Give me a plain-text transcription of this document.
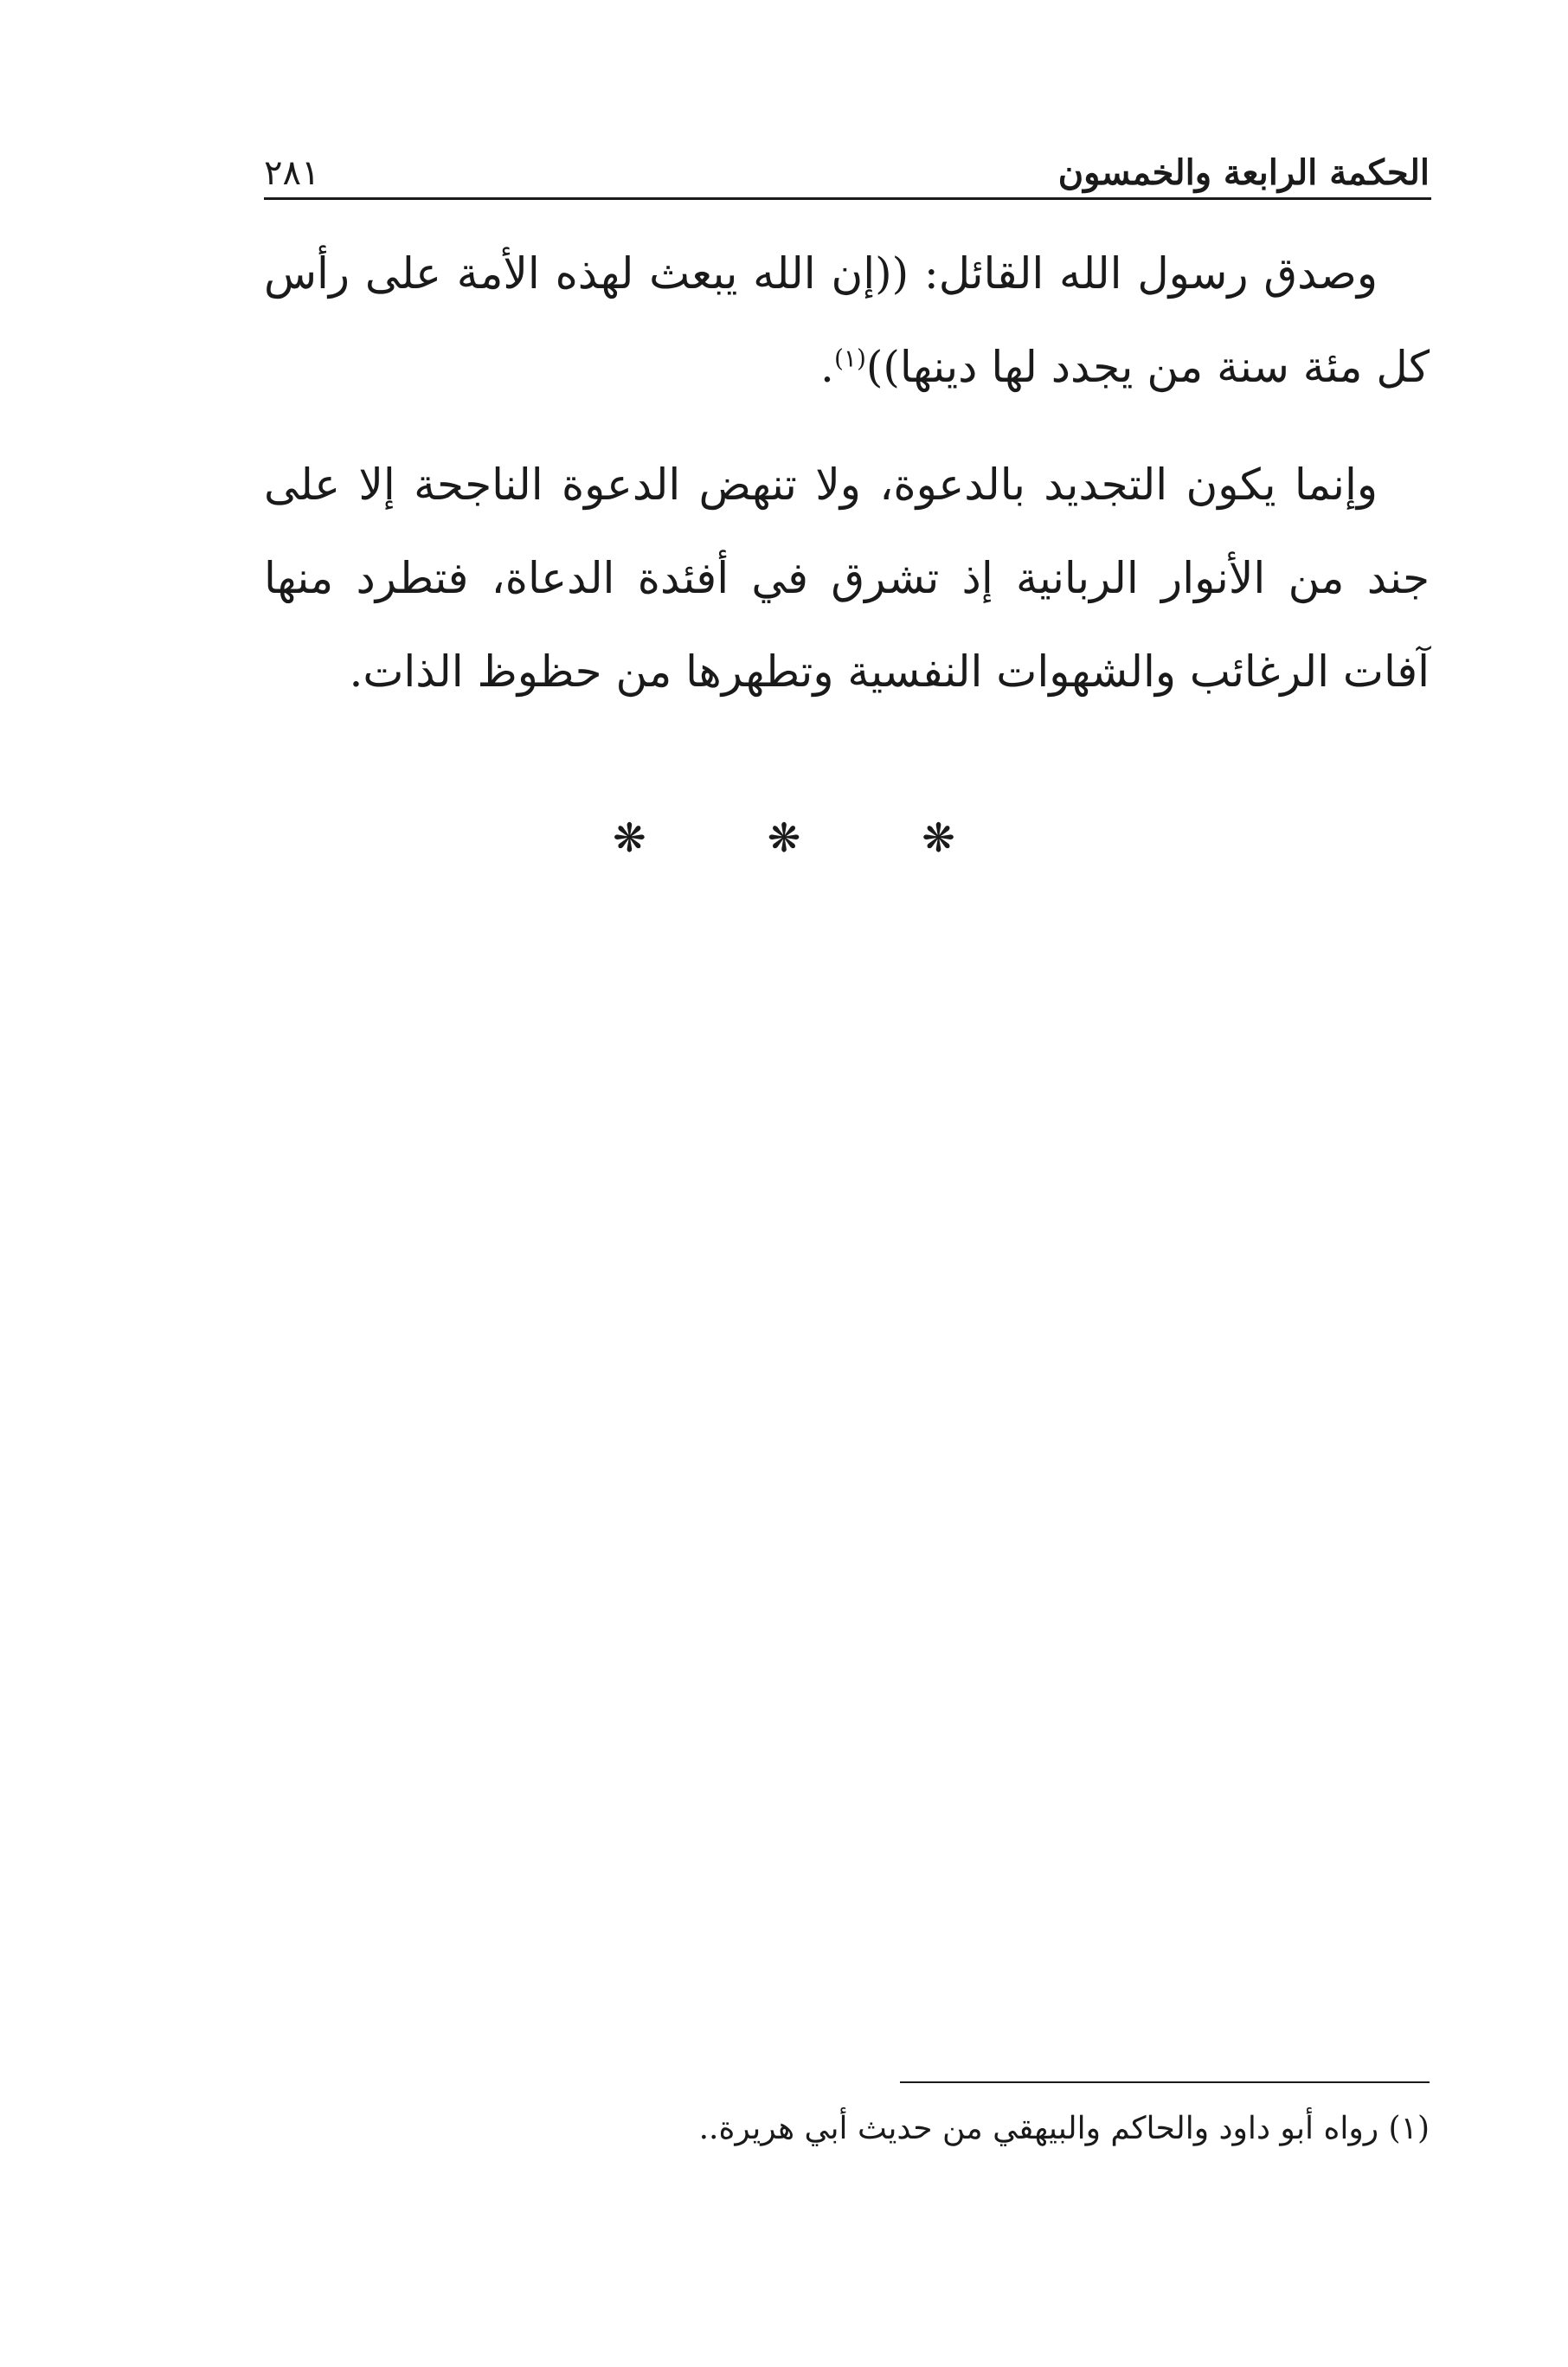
الحكمة الرابعة والخمسون
٢٨١

وصدق رسول الله القائل: ((إن الله يبعث لهذه الأمة على رأس كل مئة سنة من يجدد لها دينها))$^{(١)}$.

وإنما يكون التجديد بالدعوة، ولا تنهض الدعوة الناجحة إلا على جند من الأنوار الربانية إذ تشرق في أفئدة الدعاة، فتطرد منها آفات الرغائب والشهوات النفسية وتطهرها من حظوظ الذات.

❋	❋	❋
(١) رواه أبو داود والحاكم والبيهقي من حديث أبي هريرة..
